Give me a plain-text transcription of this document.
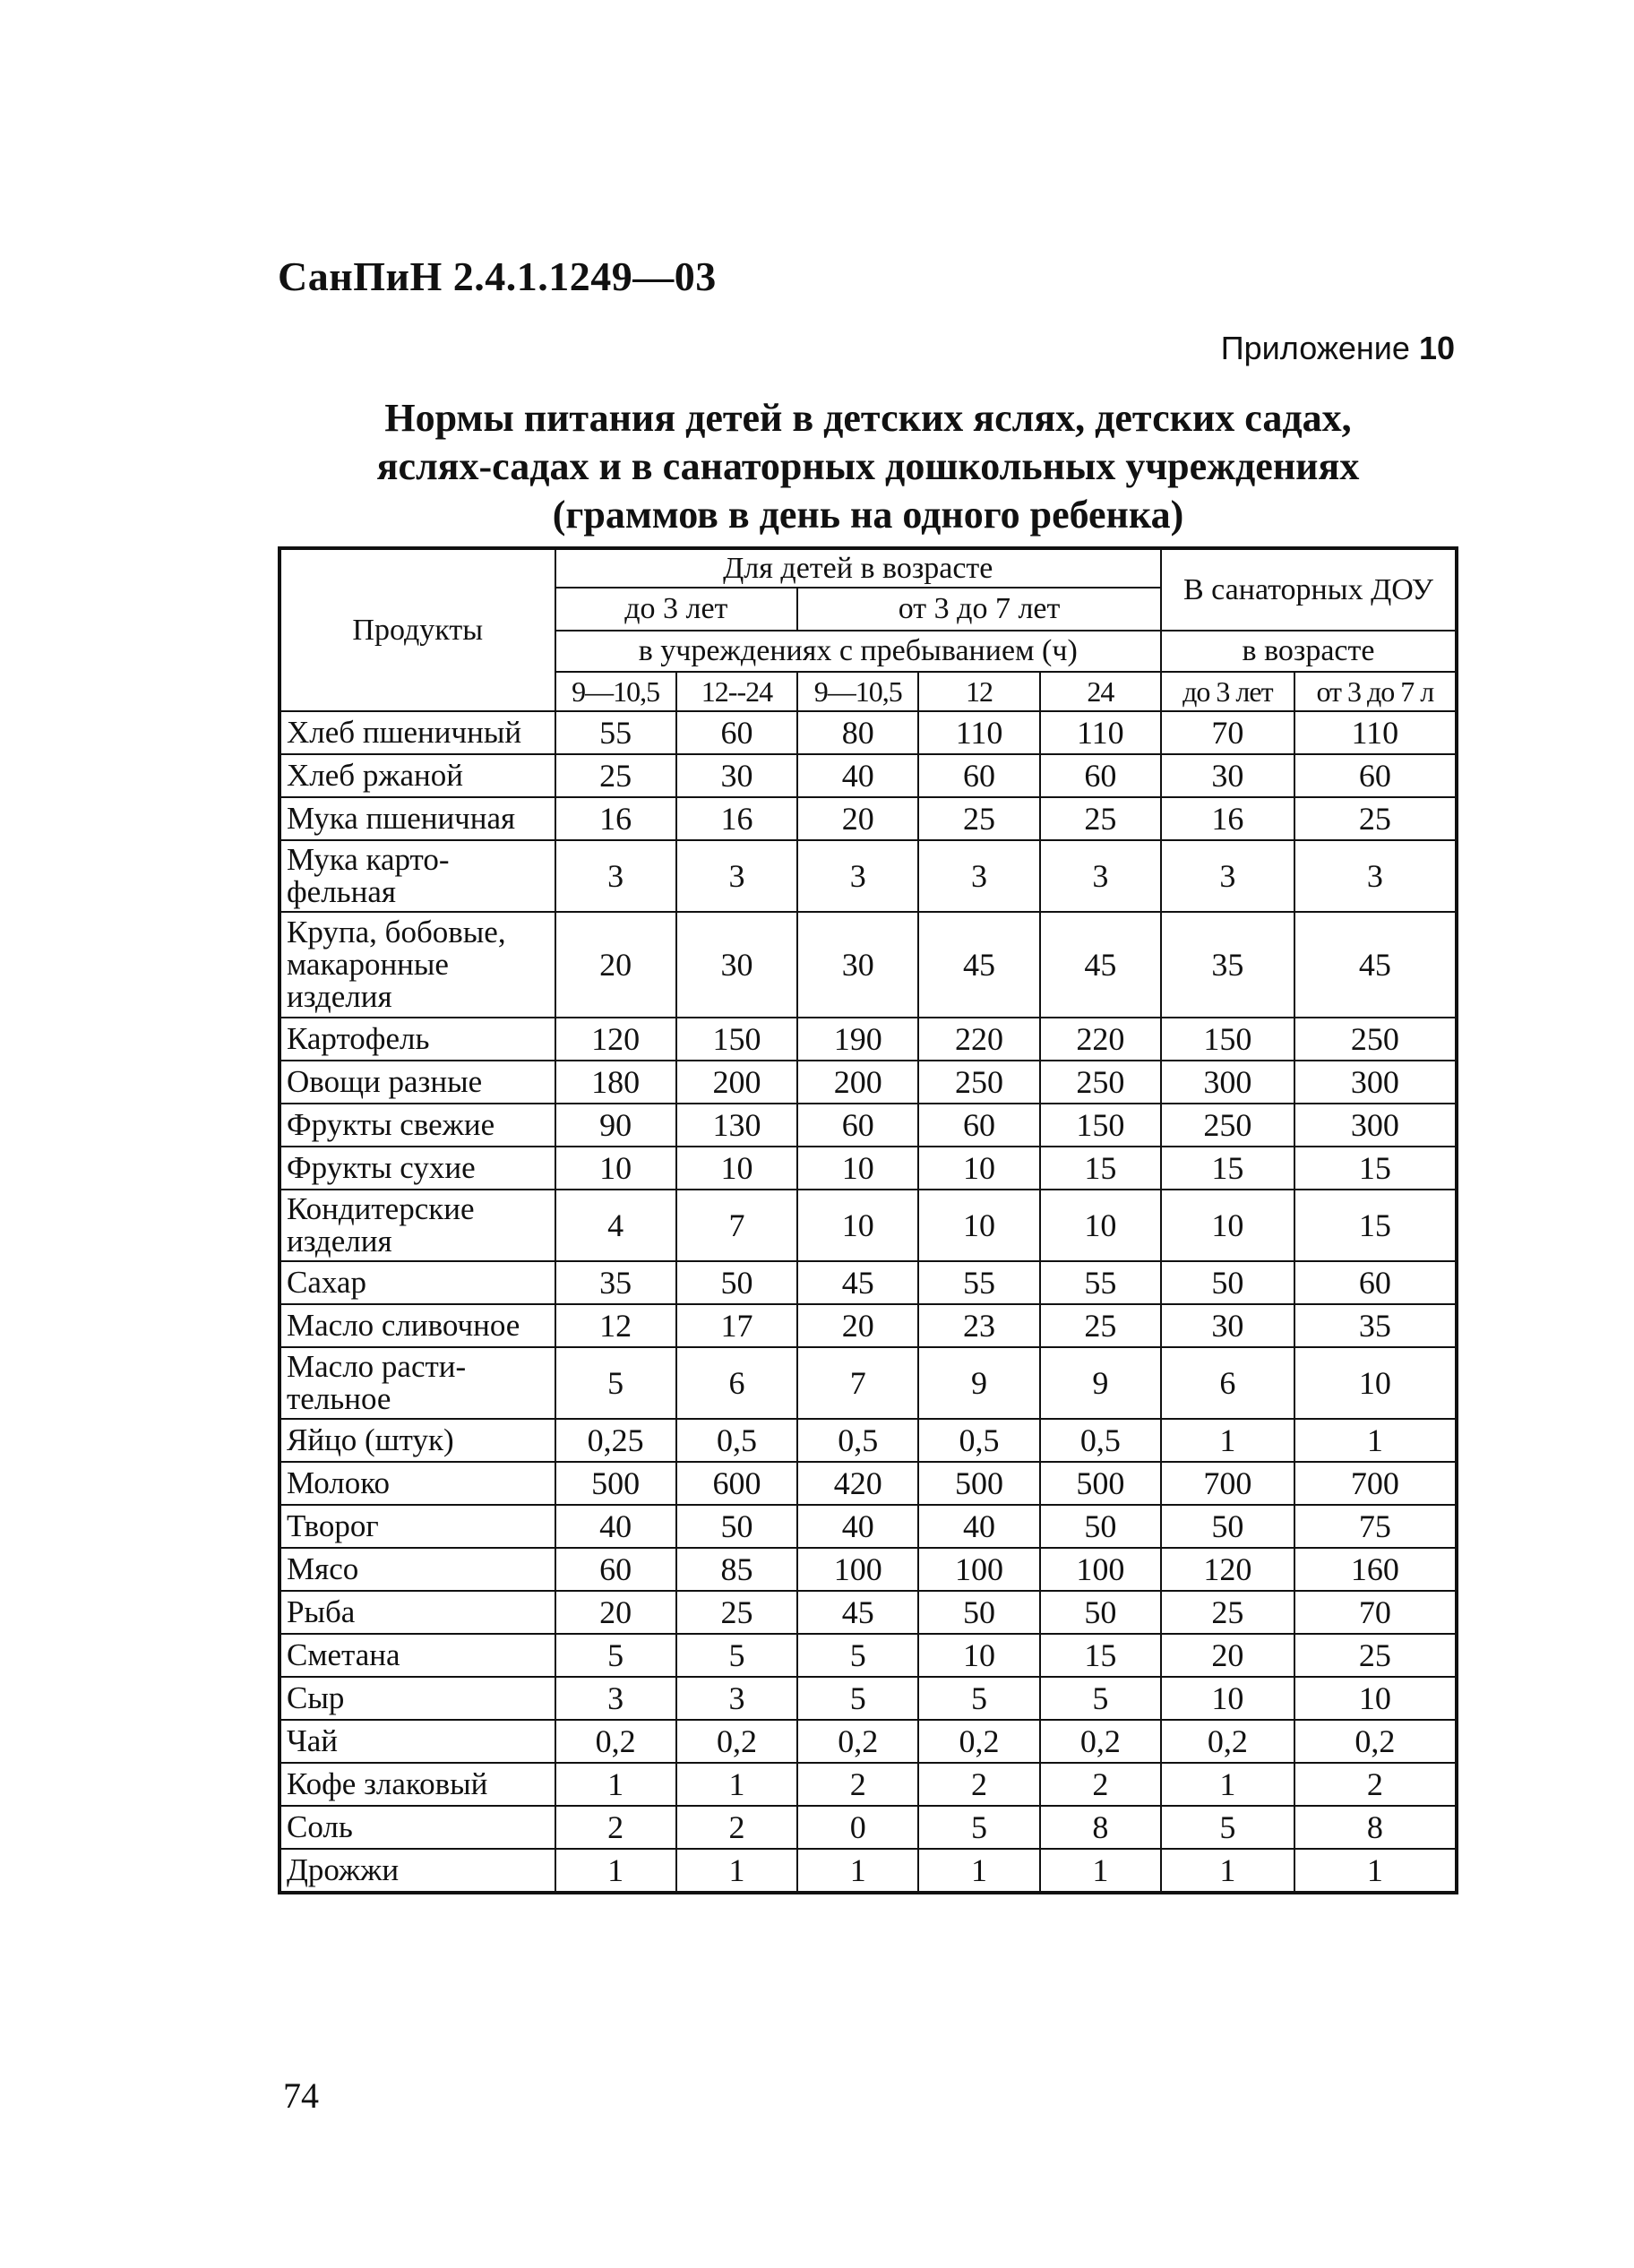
СанПиН 2.4.1.1249—03
Приложение 10
Нормы питания детей в детских яслях, детских садах,
яслях-садах и в санаторных дошкольных учреждениях
(граммов в день на одного ребенка)
Продукты	Для детей в возрасте					В санаторных ДОУ	
	до 3 лет		от 3 до 7 лет				
	в учреждениях с пребыванием (ч)					в возрасте	
	9—10,5	12--24	9—10,5	12	24	до 3 лет	от 3 до 7 л
Хлеб пшеничный	55	60	80	110	110	70	110
Хлеб ржаной	25	30	40	60	60	30	60
Мука пшеничная	16	16	20	25	25	16	25
Мука карто-фельная	3	3	3	3	3	3	3
Крупа, бобовые, макаронные изделия	20	30	30	45	45	35	45
Картофель	120	150	190	220	220	150	250
Овощи разные	180	200	200	250	250	300	300
Фрукты свежие	90	130	60	60	150	250	300
Фрукты сухие	10	10	10	10	15	15	15
Кондитерские изделия	4	7	10	10	10	10	15
Сахар	35	50	45	55	55	50	60
Масло сливочное	12	17	20	23	25	30	35
Масло расти-тельное	5	6	7	9	9	6	10
Яйцо (штук)	0,25	0,5	0,5	0,5	0,5	1	1
Молоко	500	600	420	500	500	700	700
Творог	40	50	40	40	50	50	75
Мясо	60	85	100	100	100	120	160
Рыба	20	25	45	50	50	25	70
Сметана	5	5	5	10	15	20	25
Сыр	3	3	5	5	5	10	10
Чай	0,2	0,2	0,2	0,2	0,2	0,2	0,2
Кофе злаковый	1	1	2	2	2	1	2
Соль	2	2	0	5	8	5	8
Дрожжи	1	1	1	1	1	1	1
74
